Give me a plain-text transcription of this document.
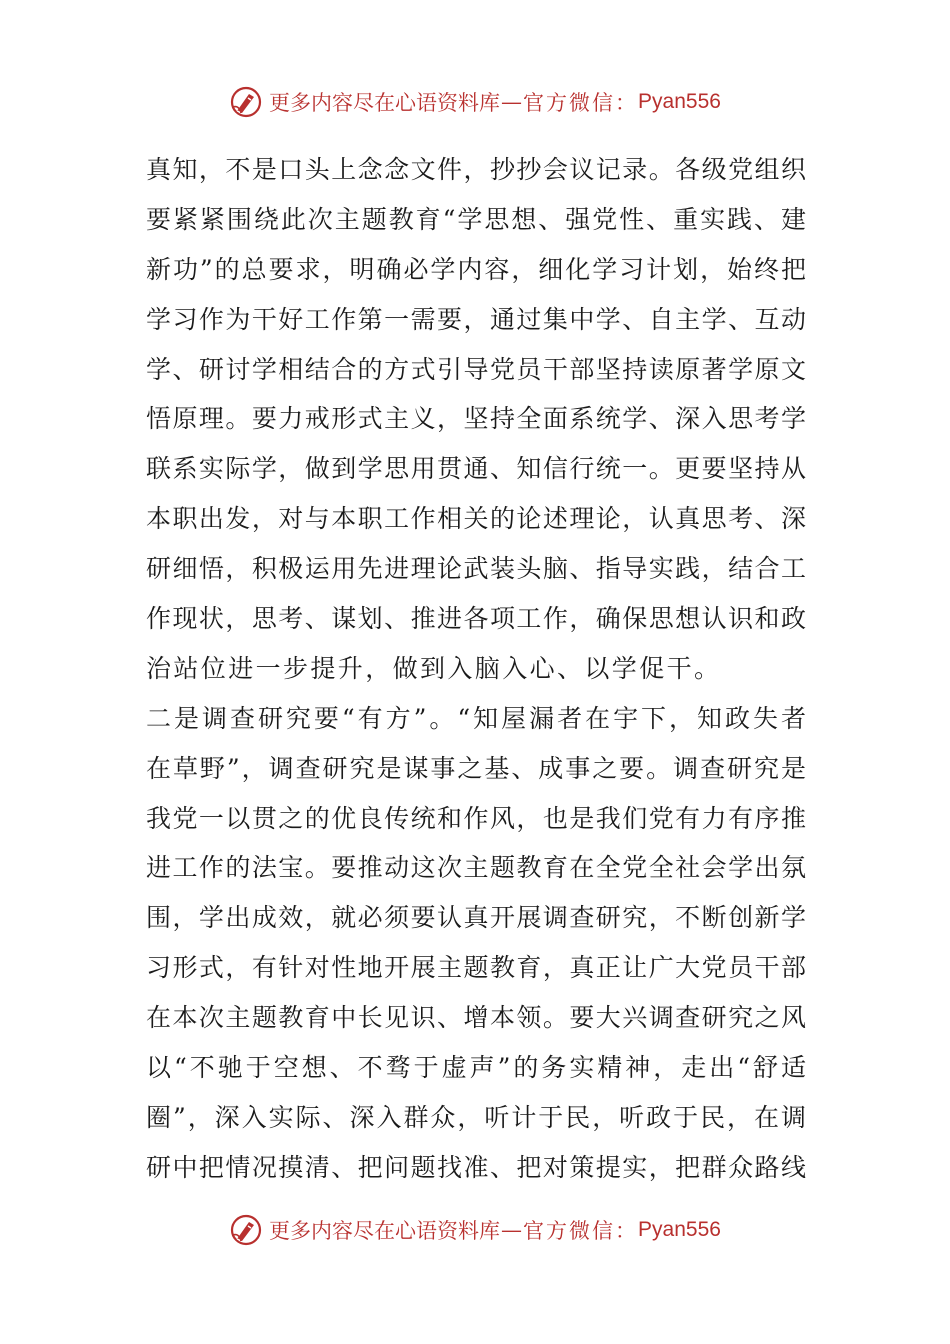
更多内容尽在心语资料库 — 官方微信： Pyan556
真知，不是口头上念念文件，抄抄会议记录。各级党组织
要紧紧围绕此次主题教育“学思想、强党性、重实践、建
新功”的总要求，明确必学内容，细化学习计划，始终把
学习作为干好工作第一需要，通过集中学、自主学、互动
学、研讨学相结合的方式引导党员干部坚持读原著学原文
悟原理。要力戒形式主义，坚持全面系统学、深入思考学
联系实际学，做到学思用贯通、知信行统一。更要坚持从
本职出发，对与本职工作相关的论述理论，认真思考、深
研细悟，积极运用先进理论武装头脑、指导实践，结合工
作现状，思考、谋划、推进各项工作，确保思想认识和政
治站位进一步提升，做到入脑入心、以学促干。
二是调查研究要“有方”。“知屋漏者在宇下，知政失者
在草野”，调查研究是谋事之基、成事之要。调查研究是
我党一以贯之的优良传统和作风，也是我们党有力有序推
进工作的法宝。要推动这次主题教育在全党全社会学出氛
围，学出成效，就必须要认真开展调查研究，不断创新学
习形式，有针对性地开展主题教育，真正让广大党员干部
在本次主题教育中长见识、增本领。要大兴调查研究之风
以“不驰于空想、不骛于虚声”的务实精神，走出“舒适
圈”，深入实际、深入群众，听计于民，听政于民，在调
研中把情况摸清、把问题找准、把对策提实，把群众路线
更多内容尽在心语资料库 — 官方微信： Pyan556
